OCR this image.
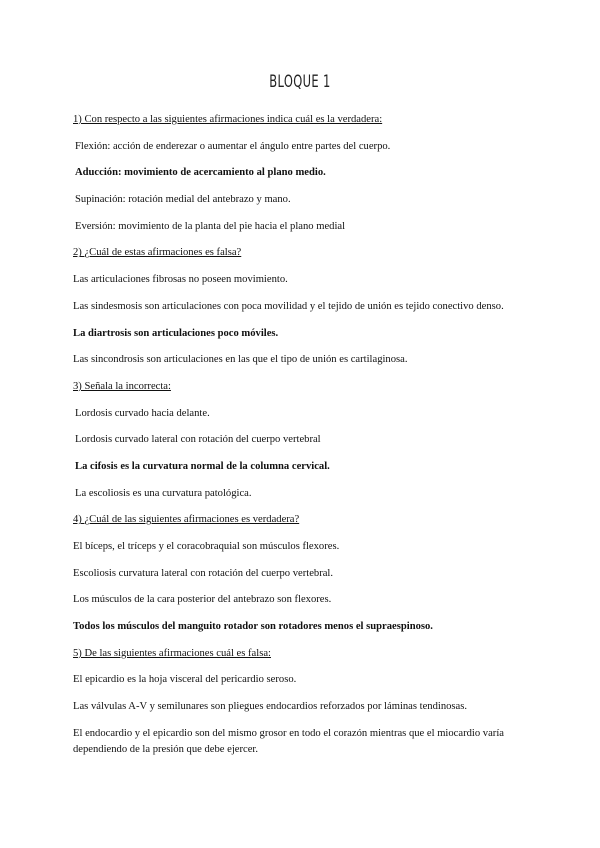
BLOQUE 1
1) Con respecto a las siguientes afirmaciones indica cuál es la verdadera:
Flexión: acción de enderezar o aumentar el ángulo entre partes del cuerpo.
Aducción: movimiento de acercamiento al plano medio.
Supinación: rotación medial del antebrazo y mano.
Eversión: movimiento de la planta del pie hacia el plano medial
2) ¿Cuál de estas afirmaciones es falsa?
Las articulaciones fibrosas no poseen movimiento.
Las sindesmosis son articulaciones con poca movilidad y el tejido de unión es tejido conectivo denso.
La diartrosis son articulaciones poco móviles.
Las sincondrosis son articulaciones en las que el tipo de unión es cartilaginosa.
3) Señala la incorrecta:
Lordosis curvado hacia delante.
Lordosis curvado lateral con rotación del cuerpo vertebral
La cifosis es la curvatura normal de la columna cervical.
La escoliosis es una curvatura patológica.
4) ¿Cuál de las siguientes afirmaciones es verdadera?
El bíceps, el tríceps y el coracobraquial son músculos flexores.
Escoliosis curvatura lateral con rotación del cuerpo vertebral.
Los músculos de la cara posterior del antebrazo son flexores.
Todos los músculos del manguito rotador son rotadores menos el supraespinoso.
5) De las siguientes afirmaciones cuál es falsa:
El epicardio es la hoja visceral del pericardio seroso.
Las válvulas A-V y semilunares son pliegues endocardios reforzados por láminas tendinosas.
El endocardio y el epicardio son del mismo grosor en todo el corazón mientras que el miocardio varía dependiendo de la presión que debe ejercer.
